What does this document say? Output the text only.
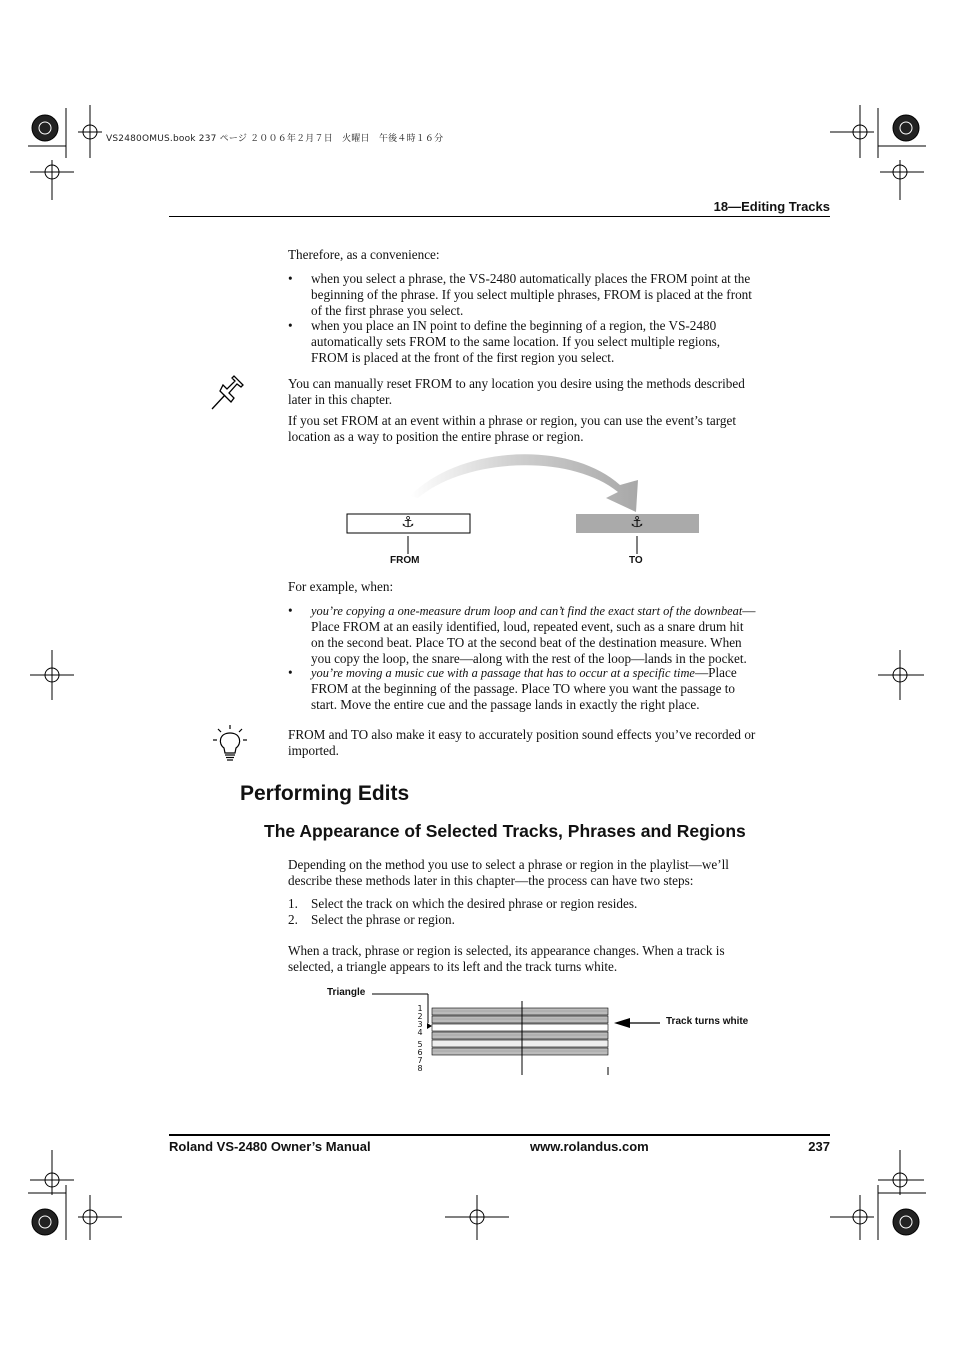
VS2480OMUS.book 237 ページ ２００６年２月７日　火曜日　午後４時１６分
18—Editing Tracks
Therefore, as a convenience:
• when you select a phrase, the VS-2480 automatically places the FROM point at the
beginning of the phrase. If you select multiple phrases, FROM is placed at the front
of the first phrase you select.
• when you place an IN point to define the beginning of a region, the VS-2480
automatically sets FROM to the same location. If you select multiple regions,
FROM is placed at the front of the first region you select.
You can manually reset FROM to any location you desire using the methods described
later in this chapter.
If you set FROM at an event within a phrase or region, you can use the event’s target
location as a way to position the entire phrase or region.
⚓	⚓
FROM	TO
For example, when:
• you’re copying a one-measure drum loop and can’t find the exact start of the downbeat—
Place FROM at an easily identified, loud, repeated event, such as a snare drum hit
on the second beat. Place TO at the second beat of the destination measure. When
you copy the loop, the snare—along with the rest of the loop—lands in the pocket.
• you’re moving a music cue with a passage that has to occur at a specific time—Place
FROM at the beginning of the passage. Place TO where you want the passage to
start. Move the entire cue and the passage lands in exactly the right place.
FROM and TO also make it easy to accurately position sound effects you’ve recorded or
imported.
Performing Edits
The Appearance of Selected Tracks, Phrases and Regions
Depending on the method you use to select a phrase or region in the playlist—we’ll
describe these methods later in this chapter—the process can have two steps:
1. Select the track on which the desired phrase or region resides.
2. Select the phrase or region.
When a track, phrase or region is selected, its appearance changes. When a track is
selected, a triangle appears to its left and the track turns white.
1
2
3
4
5
6
7
8
Triangle
Track turns white
Roland VS-2480 Owner’s Manual	www.rolandus.com	237
